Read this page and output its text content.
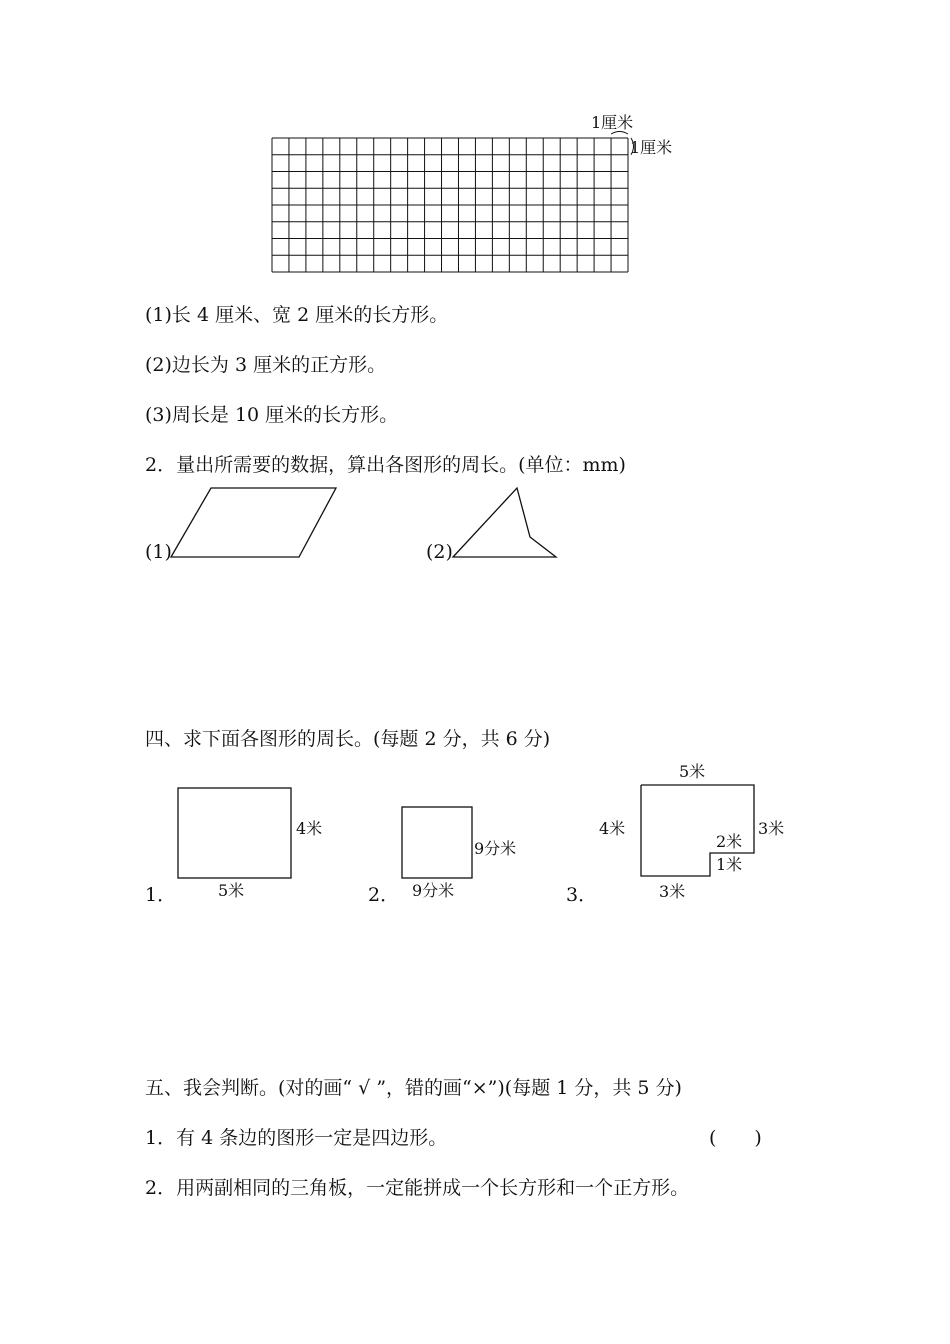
1厘米
1厘米
(1)长 4 厘米、宽 2 厘米的长方形。
(2)边长为 3 厘米的正方形。
(3)周长是 10 厘米的长方形。
2．量出所需要的数据，算出各图形的周长。(单位：mm)
(1)	(2)
四、求下面各图形的周长。(每题 2 分，共 6 分)
1．
4米
5米	2．
9分米
9分米	3．
5米
4米	3米
2米
1米
3米
五、我会判断。(对的画“ √ ”，错的画“×”)(每题 1 分，共 5 分)
1．有 4 条边的图形一定是四边形。	(　　)
2．用两副相同的三角板，一定能拼成一个长方形和一个正方形。
